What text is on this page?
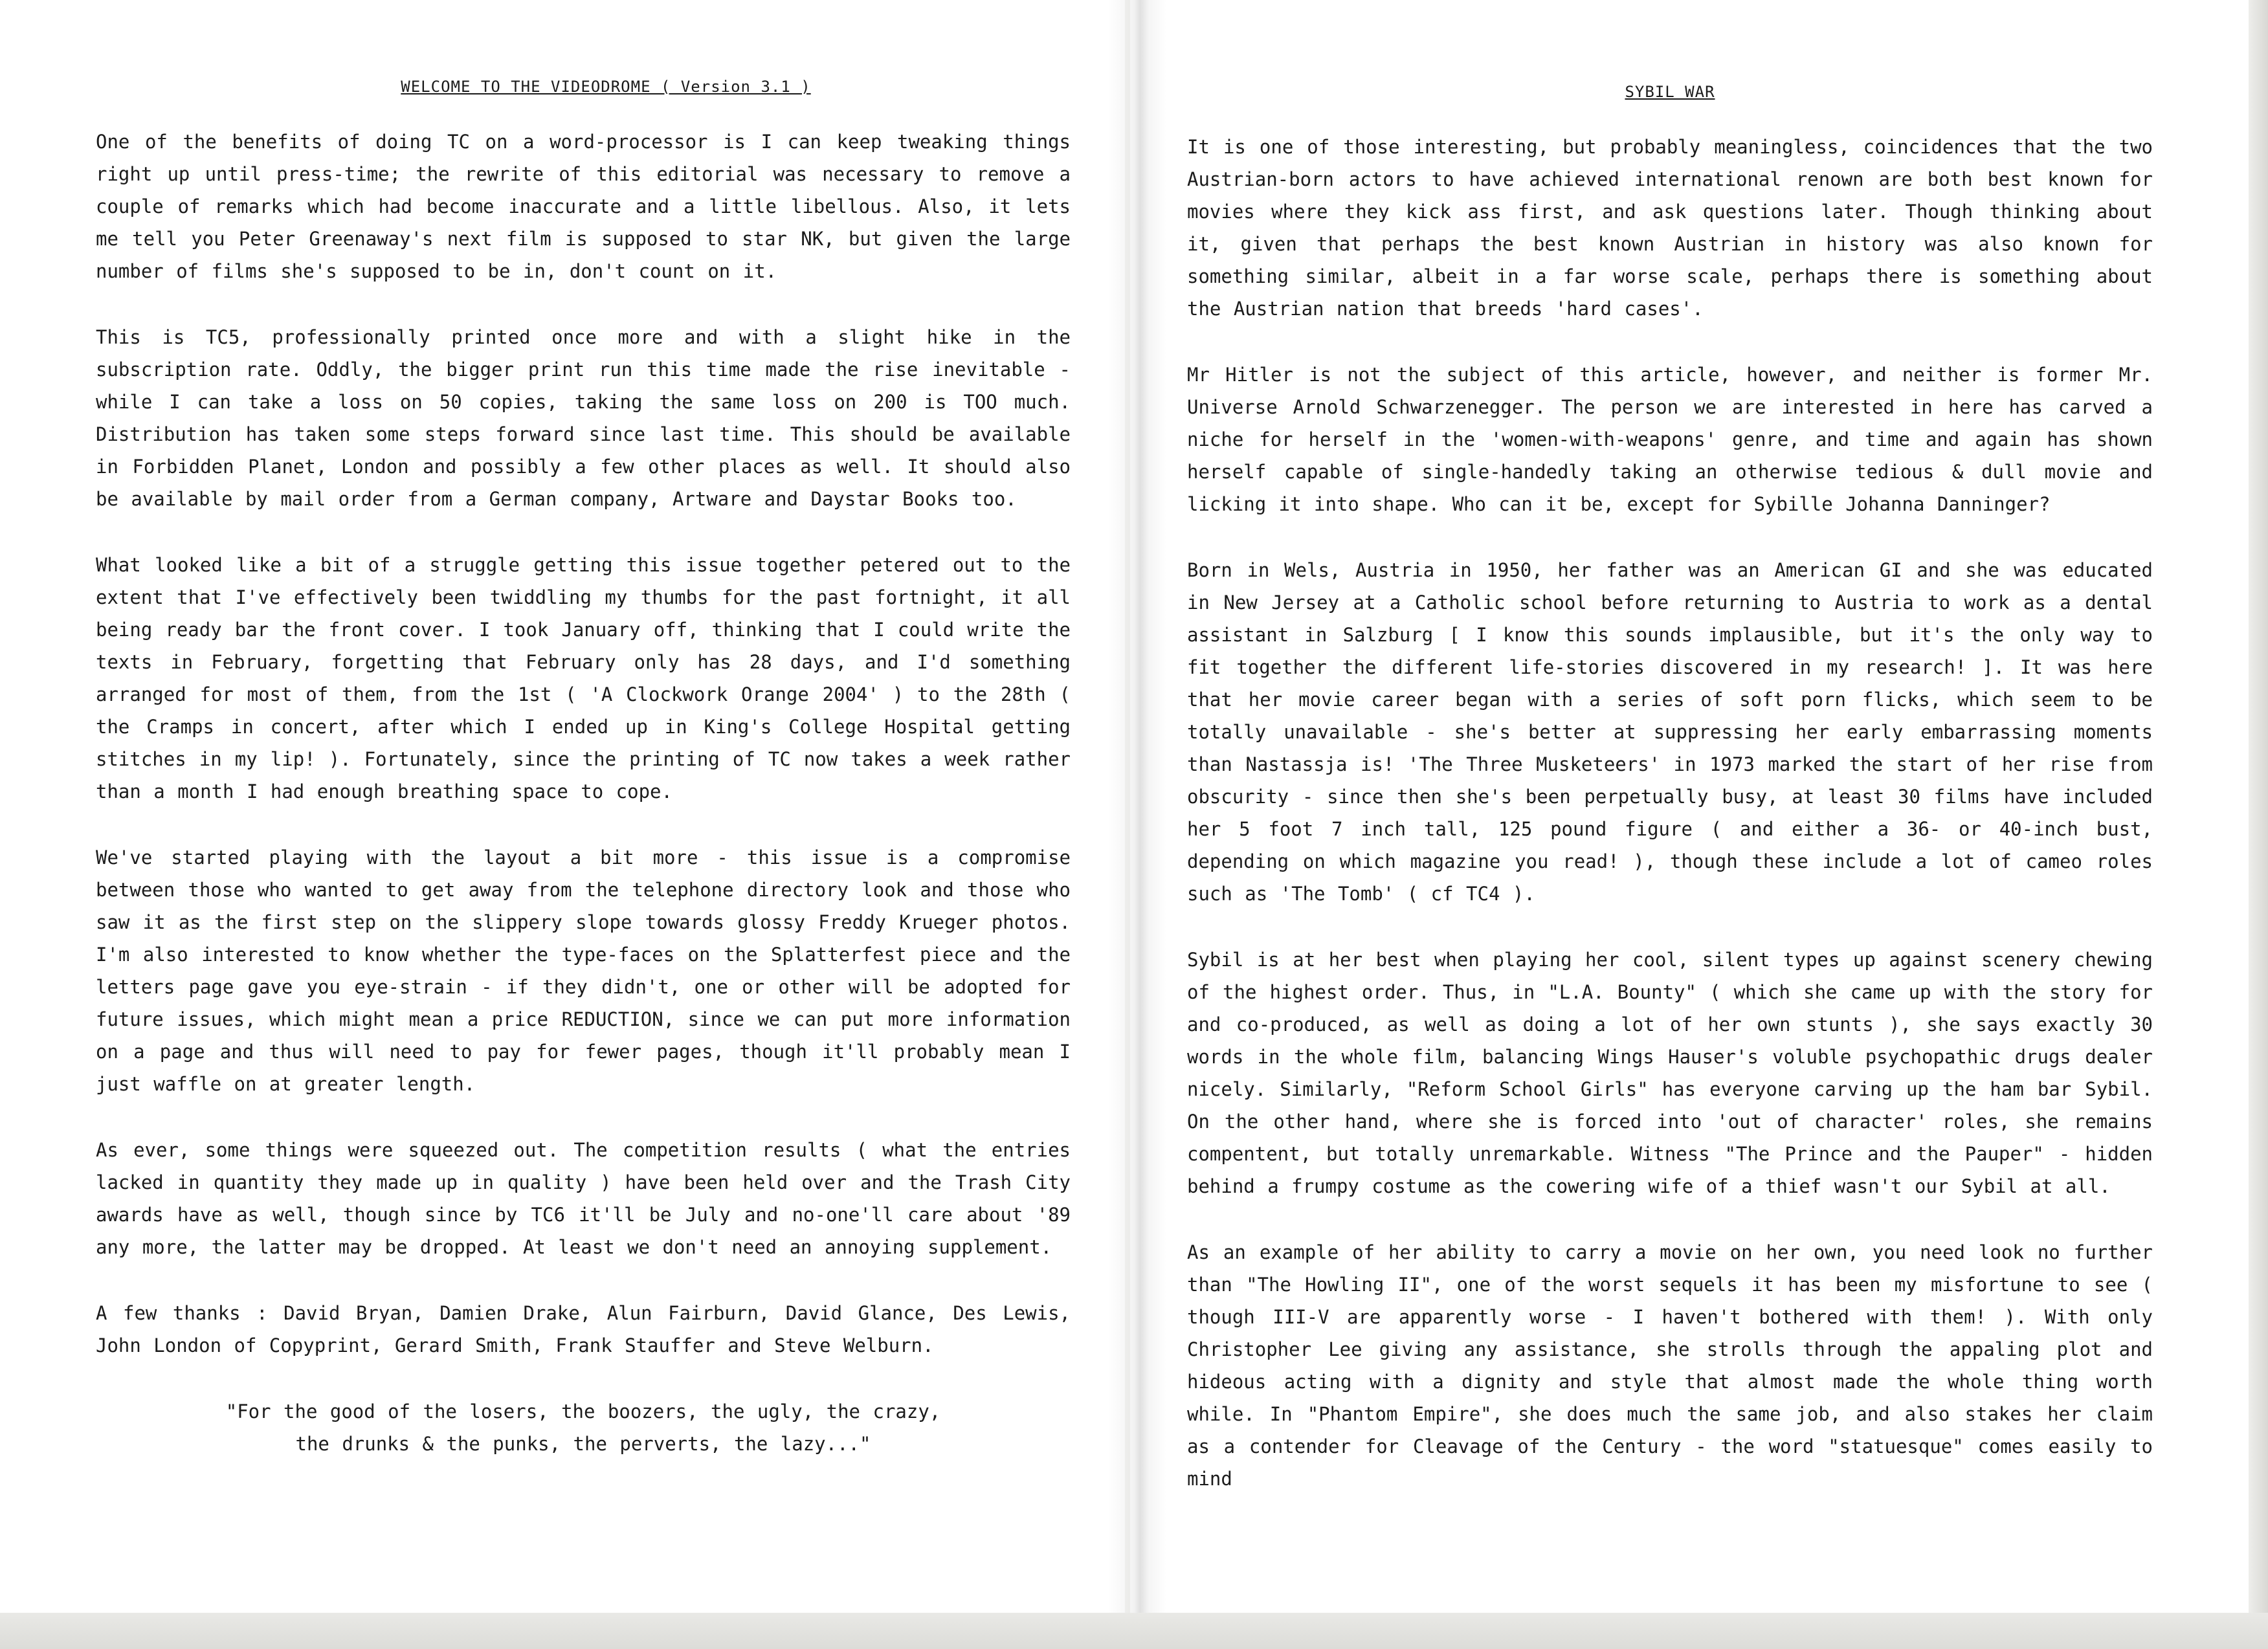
WELCOME TO THE VIDEODROME ( Version 3.1 )

One of the benefits of doing TC on a word-processor is I can keep tweaking things right up until press-time; the rewrite of this editorial was necessary to remove a couple of remarks which had become inaccurate and a little libellous. Also, it lets me tell you Peter Greenaway's next film is supposed to star NK, but given the large number of films she's supposed to be in, don't count on it.

This is TC5, professionally printed once more and with a slight hike in the subscription rate. Oddly, the bigger print run this time made the rise inevitable - while I can take a loss on 50 copies, taking the same loss on 200 is TOO much. Distribution has taken some steps forward since last time. This should be available in Forbidden Planet, London and possibly a few other places as well. It should also be available by mail order from a German company, Artware and Daystar Books too.

What looked like a bit of a struggle getting this issue together petered out to the extent that I've effectively been twiddling my thumbs for the past fortnight, it all being ready bar the front cover. I took January off, thinking that I could write the texts in February, forgetting that February only has 28 days, and I'd something arranged for most of them, from the 1st ( 'A Clockwork Orange 2004' ) to the 28th ( the Cramps in concert, after which I ended up in King's College Hospital getting stitches in my lip! ). Fortunately, since the printing of TC now takes a week rather than a month I had enough breathing space to cope.

We've started playing with the layout a bit more - this issue is a compromise between those who wanted to get away from the telephone directory look and those who saw it as the first step on the slippery slope towards glossy Freddy Krueger photos. I'm also interested to know whether the type-faces on the Splatterfest piece and the letters page gave you eye-strain - if they didn't, one or other will be adopted for future issues, which might mean a price REDUCTION, since we can put more information on a page and thus will need to pay for fewer pages, though it'll probably mean I just waffle on at greater length.

As ever, some things were squeezed out. The competition results ( what the entries lacked in quantity they made up in quality ) have been held over and the Trash City awards have as well, though since by TC6 it'll be July and no-one'll care about '89 any more, the latter may be dropped. At least we don't need an annoying supplement.

A few thanks : David Bryan, Damien Drake, Alun Fairburn, David Glance, Des Lewis, John London of Copyprint, Gerard Smith, Frank Stauffer and Steve Welburn.

"For the good of the losers, the boozers, the ugly, the crazy,

the drunks & the punks, the perverts, the lazy..."

SYBIL WAR

It is one of those interesting, but probably meaningless, coincidences that the two Austrian-born actors to have achieved international renown are both best known for movies where they kick ass first, and ask questions later. Though thinking about it, given that perhaps the best known Austrian in history was also known for something similar, albeit in a far worse scale, perhaps there is something about the Austrian nation that breeds 'hard cases'.

Mr Hitler is not the subject of this article, however, and neither is former Mr. Universe Arnold Schwarzenegger. The person we are interested in here has carved a niche for herself in the 'women-with-weapons' genre, and time and again has shown herself capable of single-handedly taking an otherwise tedious & dull movie and licking it into shape. Who can it be, except for Sybille Johanna Danninger?

Born in Wels, Austria in 1950, her father was an American GI and she was educated in New Jersey at a Catholic school before returning to Austria to work as a dental assistant in Salzburg [ I know this sounds implausible, but it's the only way to fit together the different life-stories discovered in my research! ]. It was here that her movie career began with a series of soft porn flicks, which seem to be totally unavailable - she's better at suppressing her early embarrassing moments than Nastassja is! 'The Three Musketeers' in 1973 marked the start of her rise from obscurity - since then she's been perpetually busy, at least 30 films have included her 5 foot 7 inch tall, 125 pound figure ( and either a 36- or 40-inch bust, depending on which magazine you read! ), though these include a lot of cameo roles such as 'The Tomb' ( cf TC4 ).

Sybil is at her best when playing her cool, silent types up against scenery chewing of the highest order. Thus, in "L.A. Bounty" ( which she came up with the story for and co-produced, as well as doing a lot of her own stunts ), she says exactly 30 words in the whole film, balancing Wings Hauser's voluble psychopathic drugs dealer nicely. Similarly, "Reform School Girls" has everyone carving up the ham bar Sybil. On the other hand, where she is forced into 'out of character' roles, she remains compentent, but totally unremarkable. Witness "The Prince and the Pauper" - hidden behind a frumpy costume as the cowering wife of a thief wasn't our Sybil at all.

As an example of her ability to carry a movie on her own, you need look no further than "The Howling II", one of the worst sequels it has been my misfortune to see ( though III-V are apparently worse - I haven't bothered with them! ). With only Christopher Lee giving any assistance, she strolls through the appaling plot and hideous acting with a dignity and style that almost made the whole thing worth while. In "Phantom Empire", she does much the same job, and also stakes her claim as a contender for Cleavage of the Century - the word "statuesque" comes easily to mind
